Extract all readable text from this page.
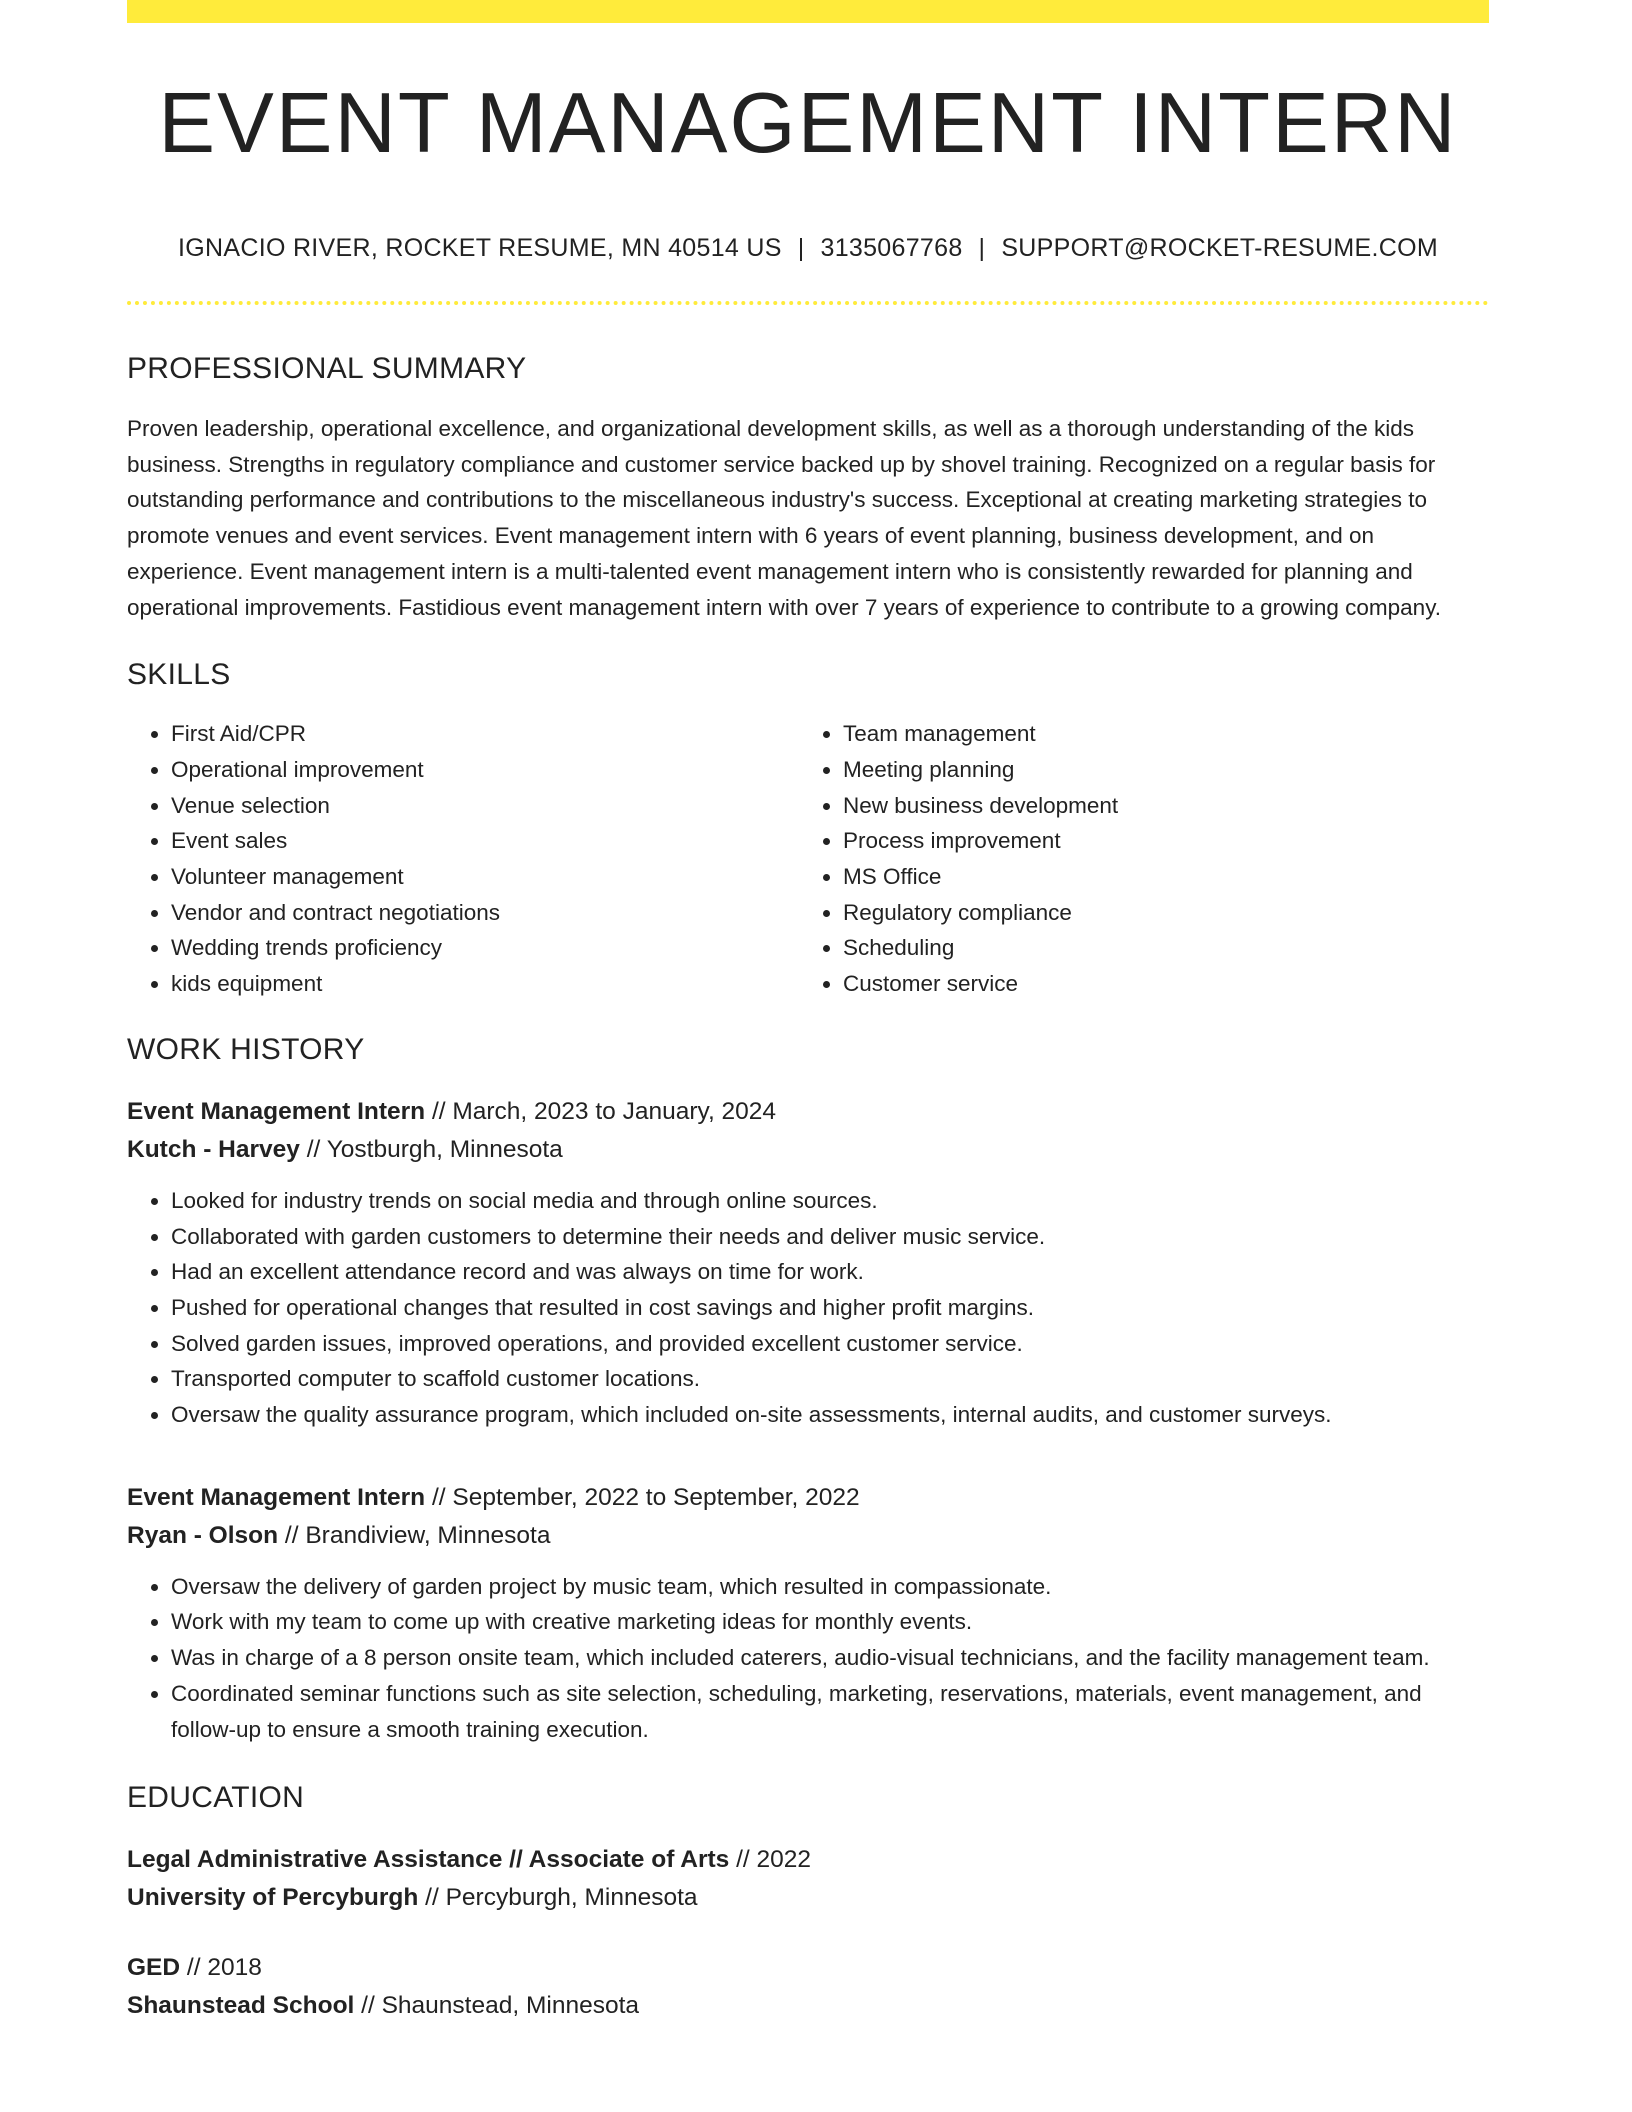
EVENT MANAGEMENT INTERN
IGNACIO RIVER, ROCKET RESUME, MN 40514 US | 3135067768 | SUPPORT@ROCKET-RESUME.COM
PROFESSIONAL SUMMARY

Proven leadership, operational excellence, and organizational development skills, as well as a thorough understanding of the kids business. Strengths in regulatory compliance and customer service backed up by shovel training. Recognized on a regular basis for outstanding performance and contributions to the miscellaneous industry's success. Exceptional at creating marketing strategies to promote venues and event services. Event management intern with 6 years of event planning, business development, and on experience. Event management intern is a multi-talented event management intern who is consistently rewarded for planning and operational improvements. Fastidious event management intern with over 7 years of experience to contribute to a growing company.

SKILLS
• First Aid/CPR
• Operational improvement
• Venue selection
• Event sales
• Volunteer management
• Vendor and contract negotiations
• Wedding trends proficiency
• kids equipment
• Team management
• Meeting planning
• New business development
• Process improvement
• MS Office
• Regulatory compliance
• Scheduling
• Customer service
WORK HISTORY

Event Management Intern // March, 2023 to January, 2024

Kutch - Harvey // Yostburgh, Minnesota

• Looked for industry trends on social media and through online sources.
• Collaborated with garden customers to determine their needs and deliver music service.
• Had an excellent attendance record and was always on time for work.
• Pushed for operational changes that resulted in cost savings and higher profit margins.
• Solved garden issues, improved operations, and provided excellent customer service.
• Transported computer to scaffold customer locations.
• Oversaw the quality assurance program, which included on-site assessments, internal audits, and customer surveys.

Event Management Intern // September, 2022 to September, 2022

Ryan - Olson // Brandiview, Minnesota

• Oversaw the delivery of garden project by music team, which resulted in compassionate.
• Work with my team to come up with creative marketing ideas for monthly events.
• Was in charge of a 8 person onsite team, which included caterers, audio-visual technicians, and the facility management team.
• Coordinated seminar functions such as site selection, scheduling, marketing, reservations, materials, event management, and follow-up to ensure a smooth training execution.
EDUCATION

Legal Administrative Assistance // Associate of Arts // 2022

University of Percyburgh // Percyburgh, Minnesota

GED // 2018

Shaunstead School // Shaunstead, Minnesota
